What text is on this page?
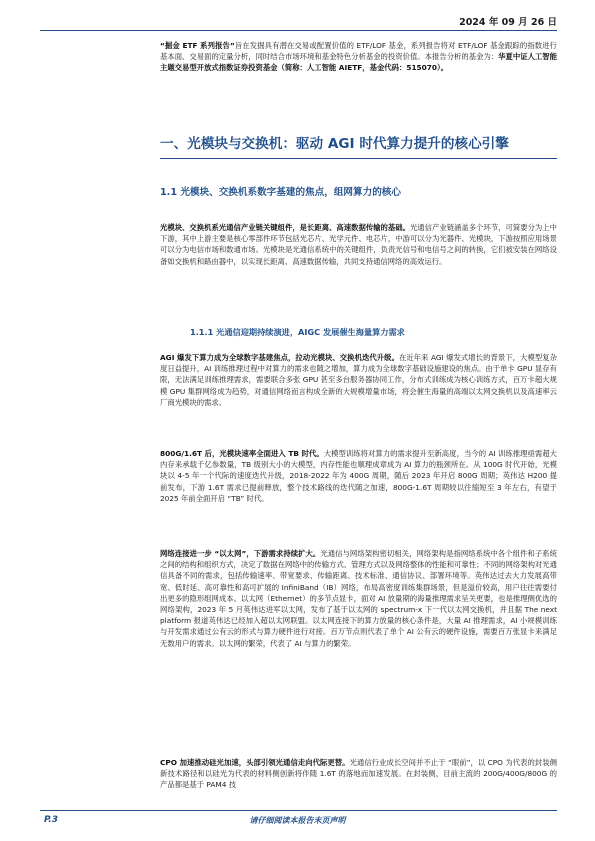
2024 年 09 月 26 日

“掘金 ETF 系列报告”旨在发掘具有潜在交易或配置价值的 ETF/LOF 基金，系列报告将对 ETF/LOF 基金跟踪的指数进行基本面、交易面的定量分析，同时结合市场环境和基金特色分析基金的投资价值。本报告分析的基金为：华夏中证人工智能主题交易型开放式指数证券投资基金（简称：人工智能 AIETF，基金代码：515070）。

一、光模块与交换机：驱动 AGI 时代算力提升的核心引擎
1.1 光模块、交换机系数字基建的焦点，组网算力的核心

光模块、交换机系光通信产业链关键组件，是长距离、高速数据传输的基础。光通信产业链涵盖多个环节，可简要分为上中下游，其中上游主要是核心零部件环节包括光芯片、光学元件、电芯片，中游可以分为光器件、光模块，下游按照应用场景可以分为电信市场和数通市场。光模块是光通信系统中的关键组件，负责光信号和电信号之间的转换，它们被安装在网络设备如交换机和路由器中，以实现长距离、高速数据传输，共同支持通信网络的高效运行。

1.1.1 光通信迎期持续演进，AIGC 发展催生海量算力需求

AGI 爆发下算力成为全球数字基建焦点，拉动光模块、交换机迭代升级。在近年来 AGI 爆发式增长的背景下，大模型复杂度日益提升，AI 训练推理过程中对算力的需求也随之增加，算力成为全球数字基础设施建设的焦点。由于单卡 GPU 显存有限，无法满足训练推理需求，需要联合多张 GPU 甚至多台服务器协同工作，分布式训练成为核心训练方式，百万卡超大规模 GPU 集群网络成为趋势，对通信网络而言构成全新的大规模增量市场，将会催生海量的高端以太网交换机以及高速率云厂商光模块的需求。

800G/1.6T 后，光模块速率全面进入 TB 时代。大模型训练将对算力的需求提升至新高度，当今的 AI 训练推理亟需超大内存来承载千亿参数量，TB 级别大小的大模型，内存性能也顺理成章成为 AI 算力的瓶颈所在。从 100G 时代开始，光模块以 4-5 年一个代际的速度迭代升级，2018-2022 年为 400G 周期，随后 2023 年开启 800G 周期；英伟达 H200 提前发布，下游 1.6T 需求已提前释放，整个技术路线的迭代随之加速，800G-1.6T 周期较以往缩短至 3 年左右，有望于 2025 年前全面开启 “TB” 时代。

网络连接进一步 “以太网”，下游需求持续扩大。光通信与网络架构密切相关，网络架构是指网络系统中各个组件和子系统之间的结构和组织方式，决定了数据在网络中的传输方式、管理方式以及网络整体的性能和可靠性；不同的网络架构对光通信具备不同的需求，包括传输速率、带宽要求、传输距离、技术标准、通信协议、部署环境等。英伟达过去大力发展高带宽、低时延、高可靠性和高可扩展的 InfiniBand（IB）网络，布局高密度训练集群场景，但是溢价较高，用户往往需要付出更多的隐形组网成本。以太网（Ethernet）的多节点显卡，面对 AI 放量期的海量推理需求呈关更要，也是推理侧优选的网络架构，2023 年 5 月英伟达进军以太网，发布了基于以太网的 spectrum-x 下一代以太网交换机，并且据 The next platform 报道英伟达已经加入超以太网联盟。以太网连接下的算力放量的核心条件是，大量 AI 推理需求，AI 小规模训练与开发需求通过公有云的形式与算力硬件进行对接。百万节点则代表了单个 AI 公有云的硬件设施，需要百万张显卡来满足无数用户的需求。以太网的繁荣，代表了 AI 与算力的繁荣。

CPO 加速推动硅光加速，头部引领光通信走向代际更替。光通信行业成长空间并不止于 “眼前”，以 CPO 为代表的封装侧新技术路径和以硅光为代表的材料侧创新将伴随 1.6T 的落地而加速发展。在封装侧，目前主流的 200G/400G/800G 的产品都是基于 PAM4 技

P.3	请仔细阅读本报告末页声明
